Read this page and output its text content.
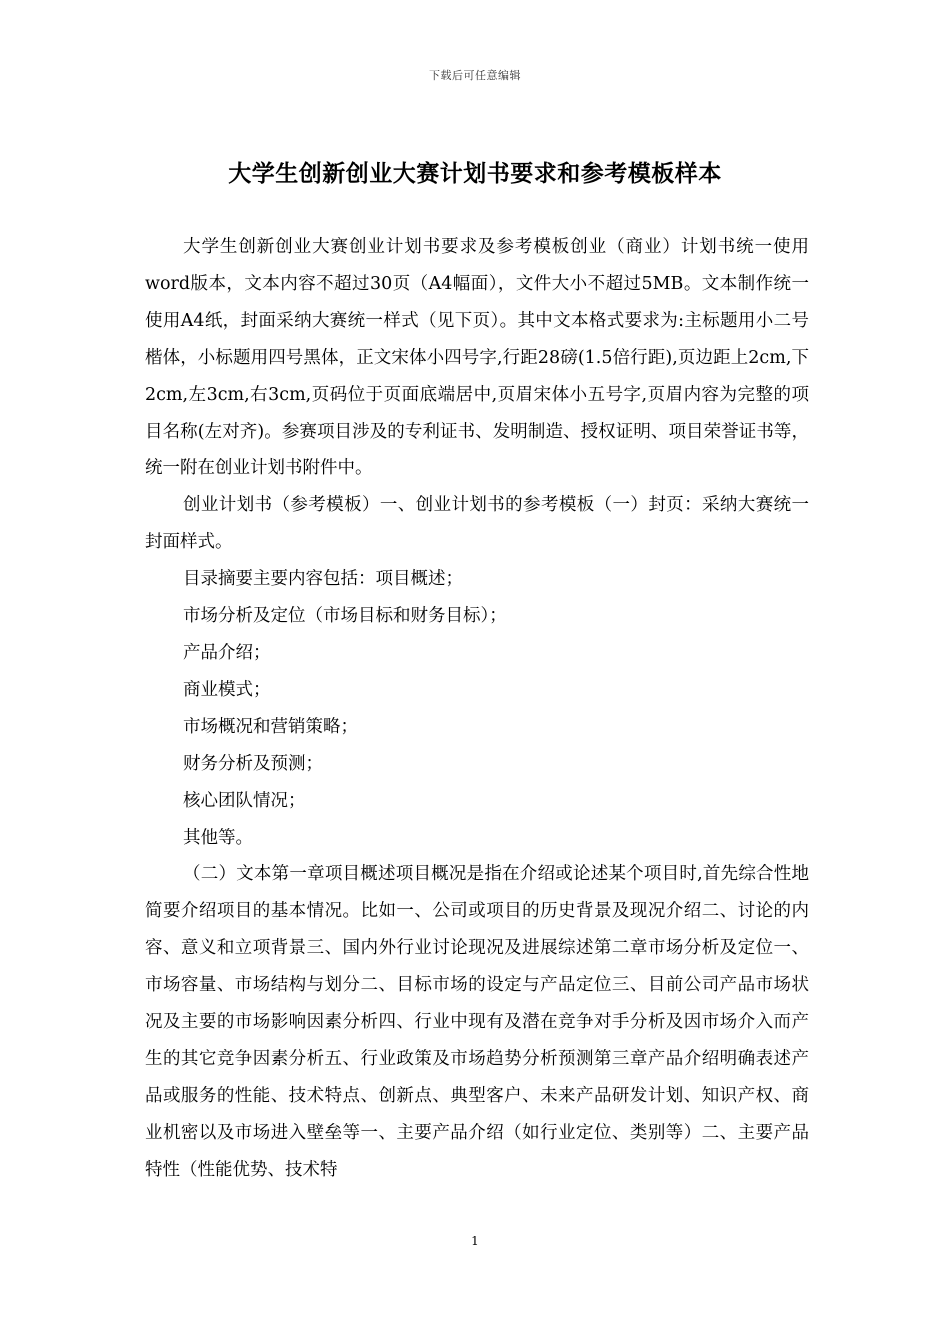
下载后可任意编辑
大学生创新创业大赛计划书要求和参考模板样本

大学生创新创业大赛创业计划书要求及参考模板创业（商业）计划书统一使用word版本，文本内容不超过30页（A4幅面），文件大小不超过5MB。文本制作统一使用A4纸，封面采纳大赛统一样式（见下页）。其中文本格式要求为:主标题用小二号楷体，小标题用四号黑体，正文宋体小四号字,行距28磅(1.5倍行距),页边距上2cm,下2cm,左3cm,右3cm,页码位于页面底端居中,页眉宋体小五号字,页眉内容为完整的项目名称(左对齐)。参赛项目涉及的专利证书、发明制造、授权证明、项目荣誉证书等，统一附在创业计划书附件中。

创业计划书（参考模板）一、创业计划书的参考模板（一）封页：采纳大赛统一封面样式。

目录摘要主要内容包括：项目概述；

市场分析及定位（市场目标和财务目标）；

产品介绍；

商业模式；

市场概况和营销策略；

财务分析及预测；

核心团队情况；

其他等。

（二）文本第一章项目概述项目概况是指在介绍或论述某个项目时,首先综合性地简要介绍项目的基本情况。比如一、公司或项目的历史背景及现况介绍二、讨论的内容、意义和立项背景三、国内外行业讨论现况及进展综述第二章市场分析及定位一、市场容量、市场结构与划分二、目标市场的设定与产品定位三、目前公司产品市场状况及主要的市场影响因素分析四、行业中现有及潜在竞争对手分析及因市场介入而产生的其它竞争因素分析五、行业政策及市场趋势分析预测第三章产品介绍明确表述产品或服务的性能、技术特点、创新点、典型客户、未来产品研发计划、知识产权、商业机密以及市场进入壁垒等一、主要产品介绍（如行业定位、类别等）二、主要产品特性（性能优势、技术特

1
